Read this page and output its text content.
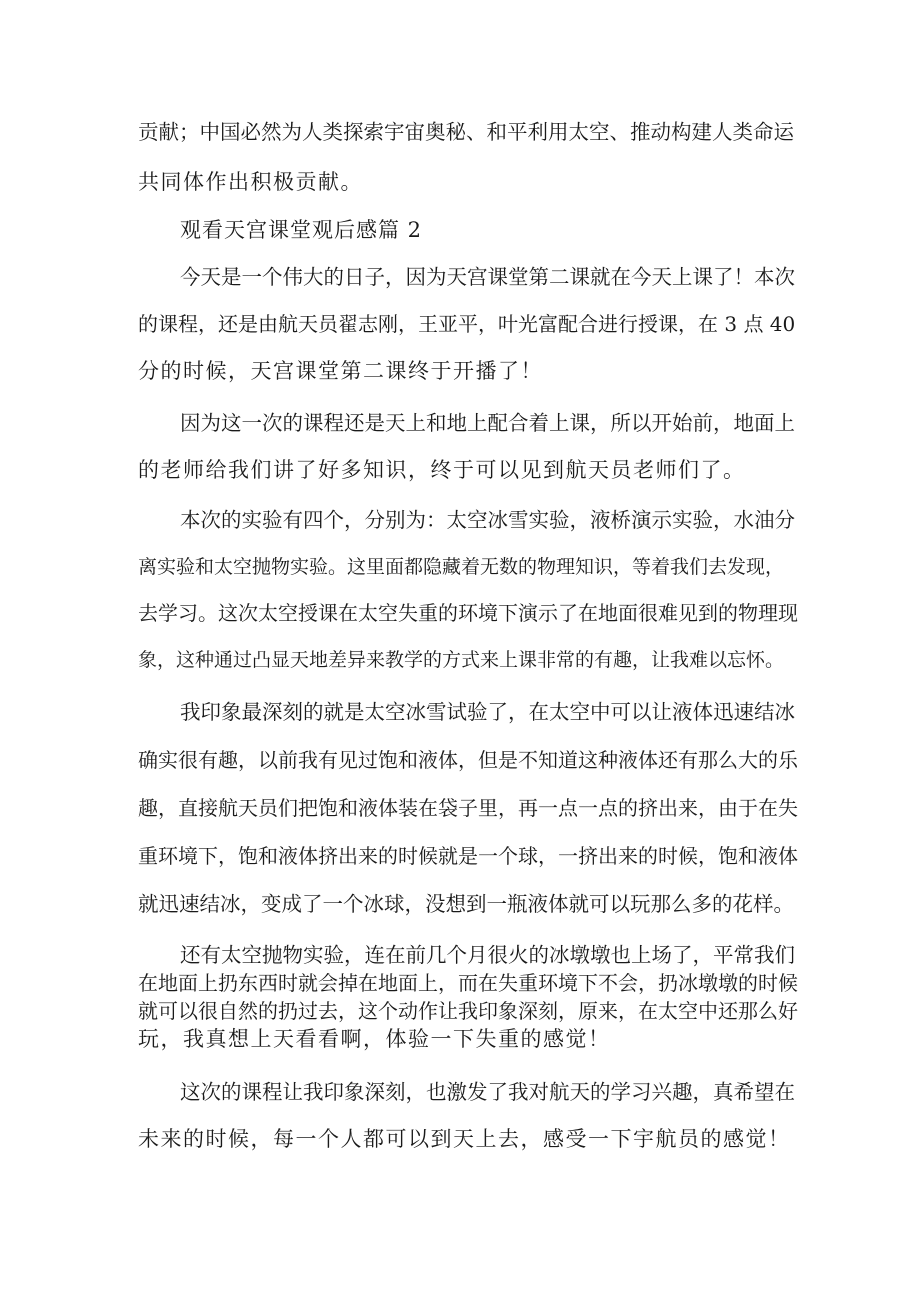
贡献；中国必然为人类探索宇宙奥秘、和平利用太空、推动构建人类命运
共同体作出积极贡献。
观看天宫课堂观后感篇 2
今天是一个伟大的日子，因为天宫课堂第二课就在今天上课了！本次
的课程，还是由航天员翟志刚，王亚平，叶光富配合进行授课，在 3 点 40
分的时候，天宫课堂第二课终于开播了！
因为这一次的课程还是天上和地上配合着上课，所以开始前，地面上
的老师给我们讲了好多知识，终于可以见到航天员老师们了。
本次的实验有四个，分别为：太空冰雪实验，液桥演示实验，水油分
离实验和太空抛物实验。这里面都隐藏着无数的物理知识，等着我们去发现，
去学习。这次太空授课在太空失重的环境下演示了在地面很难见到的物理现
象，这种通过凸显天地差异来教学的方式来上课非常的有趣，让我难以忘怀。
我印象最深刻的就是太空冰雪试验了，在太空中可以让液体迅速结冰
确实很有趣，以前我有见过饱和液体，但是不知道这种液体还有那么大的乐
趣，直接航天员们把饱和液体装在袋子里，再一点一点的挤出来，由于在失
重环境下，饱和液体挤出来的时候就是一个球，一挤出来的时候，饱和液体
就迅速结冰，变成了一个冰球，没想到一瓶液体就可以玩那么多的花样。
还有太空抛物实验，连在前几个月很火的冰墩墩也上场了，平常我们
在地面上扔东西时就会掉在地面上，而在失重环境下不会，扔冰墩墩的时候
就可以很自然的扔过去，这个动作让我印象深刻，原来，在太空中还那么好
玩，我真想上天看看啊，体验一下失重的感觉！
这次的课程让我印象深刻，也激发了我对航天的学习兴趣，真希望在
未来的时候，每一个人都可以到天上去，感受一下宇航员的感觉！
